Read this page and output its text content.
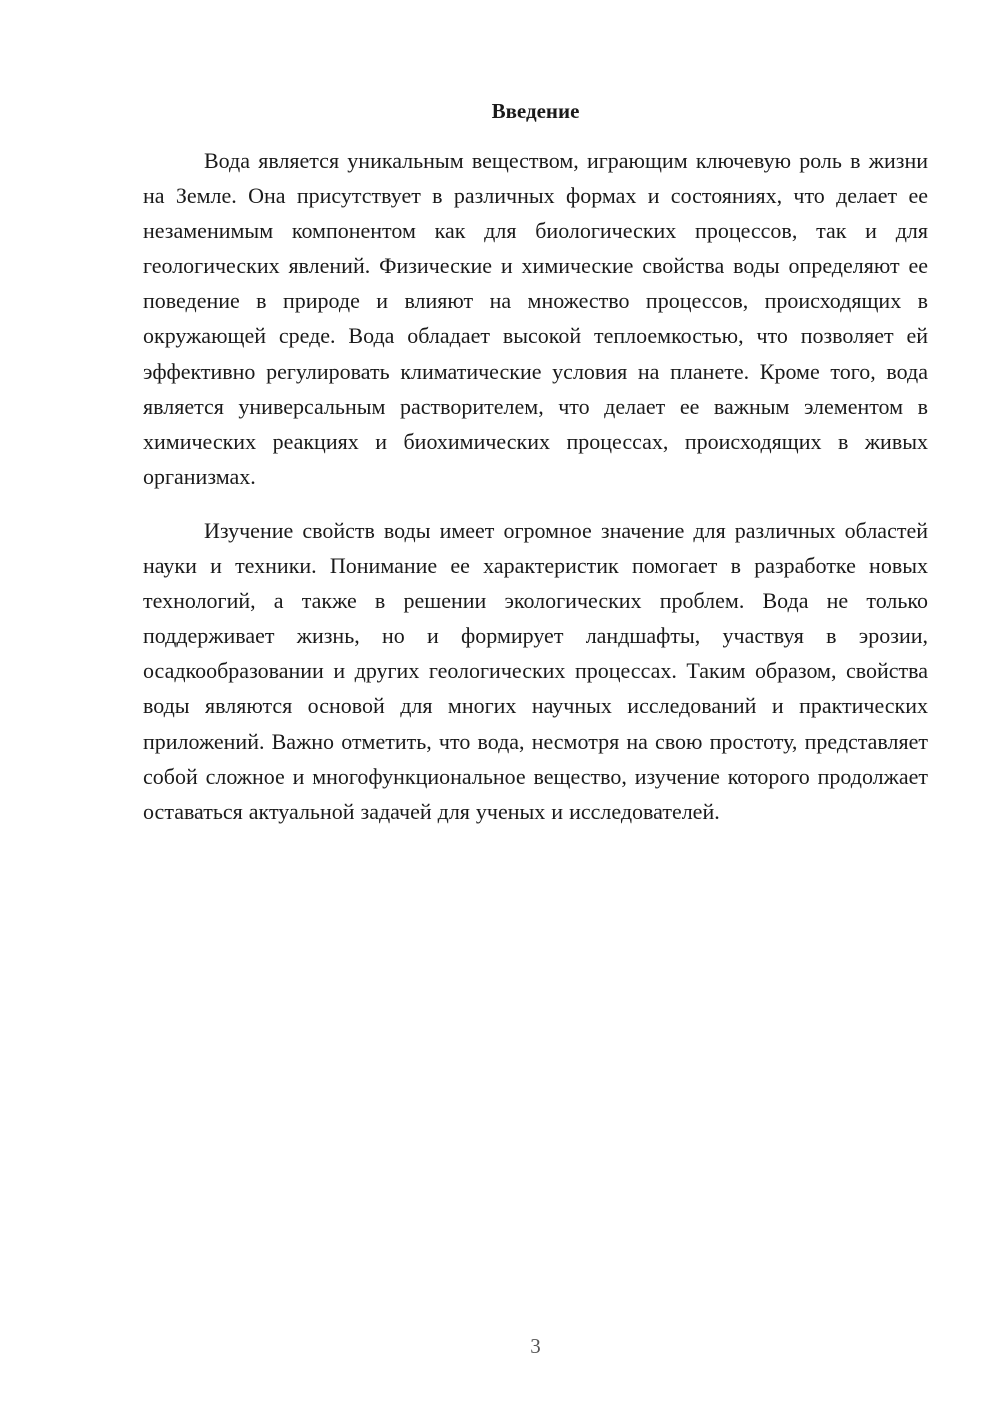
Введение

Вода является уникальным веществом, играющим ключевую роль в жизни на Земле. Она присутствует в различных формах и состояниях, что делает ее незаменимым компонентом как для биологических процессов, так и для геологических явлений. Физические и химические свойства воды определяют ее поведение в природе и влияют на множество процессов, происходящих в окружающей среде. Вода обладает высокой теплоемкостью, что позволяет ей эффективно регулировать климатические условия на планете. Кроме того, вода является универсальным растворителем, что делает ее важным элементом в химических реакциях и биохимических процессах, происходящих в живых организмах.

Изучение свойств воды имеет огромное значение для различных областей науки и техники. Понимание ее характеристик помогает в разработке новых технологий, а также в решении экологических проблем. Вода не только поддерживает жизнь, но и формирует ландшафты, участвуя в эрозии, осадкообразовании и других геологических процессах. Таким образом, свойства воды являются основой для многих научных исследований и практических приложений. Важно отметить, что вода, несмотря на свою простоту, представляет собой сложное и многофункциональное вещество, изучение которого продолжает оставаться актуальной задачей для ученых и исследователей.

3
